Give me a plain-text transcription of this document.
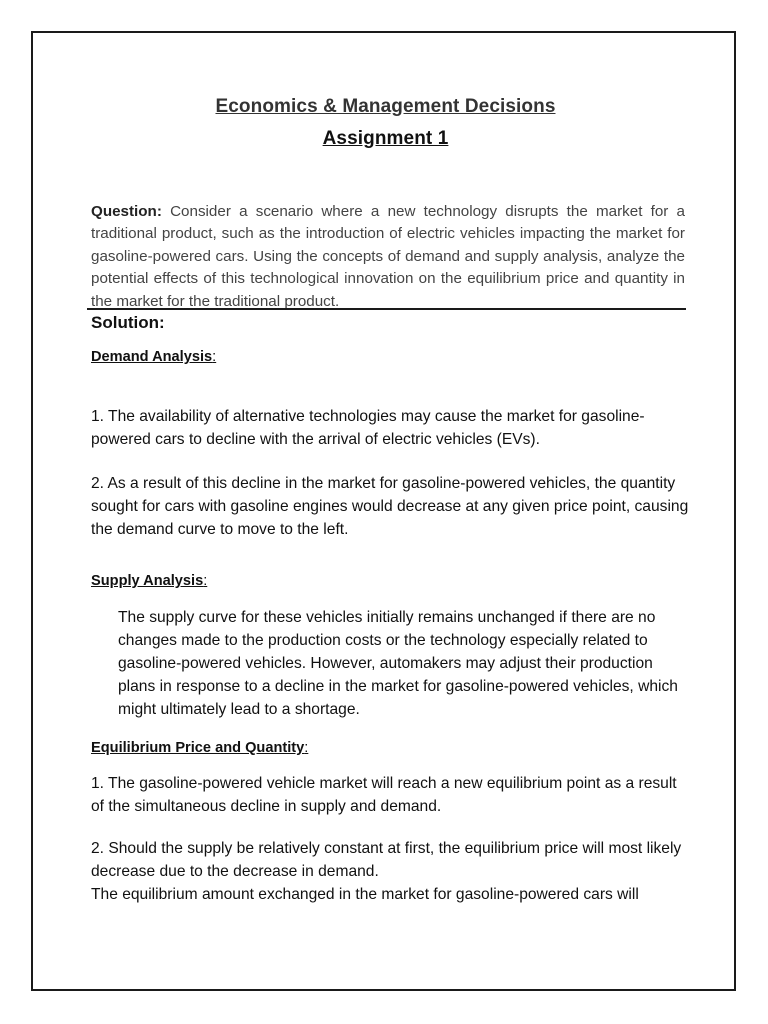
Economics & Management Decisions
Assignment 1

Question: Consider a scenario where a new technology disrupts the market for a traditional product, such as the introduction of electric vehicles impacting the market for gasoline-powered cars. Using the concepts of demand and supply analysis, analyze the potential effects of this technological innovation on the equilibrium price and quantity in the market for the traditional product.

Solution:
Demand Analysis:

1. The availability of alternative technologies may cause the market for gasoline-powered cars to decline with the arrival of electric vehicles (EVs).

2. As a result of this decline in the market for gasoline-powered vehicles, the quantity sought for cars with gasoline engines would decrease at any given price point, causing the demand curve to move to the left.

Supply Analysis:

The supply curve for these vehicles initially remains unchanged if there are no changes made to the production costs or the technology especially related to gasoline-powered vehicles. However, automakers may adjust their production plans in response to a decline in the market for gasoline-powered vehicles, which might ultimately lead to a shortage.

Equilibrium Price and Quantity:

1. The gasoline-powered vehicle market will reach a new equilibrium point as a result of the simultaneous decline in supply and demand.

2. Should the supply be relatively constant at first, the equilibrium price will most likely decrease due to the decrease in demand.

The equilibrium amount exchanged in the market for gasoline-powered cars will
